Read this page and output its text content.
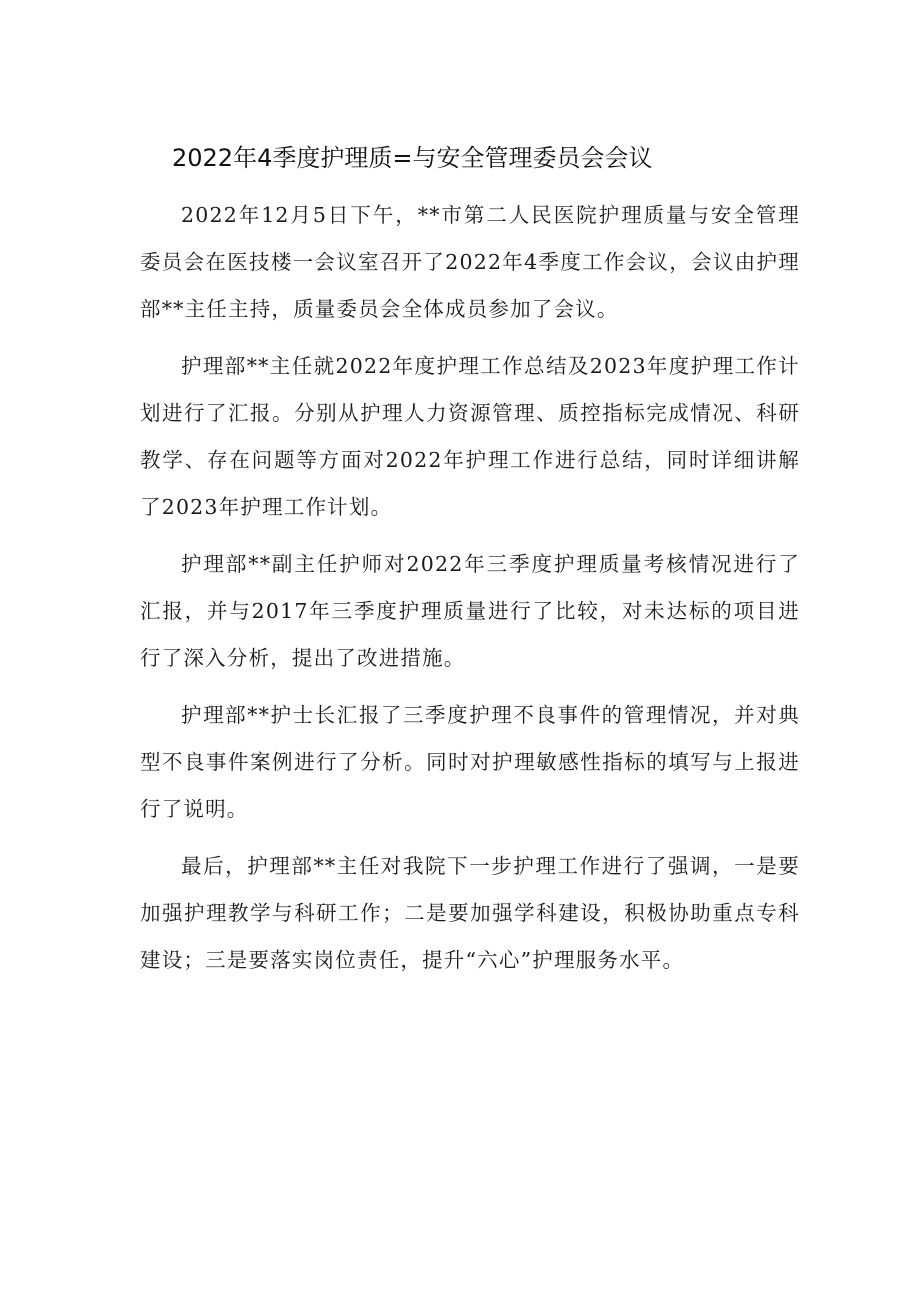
2022年4季度护理质=与安全管理委员会会议

2022年12月5日下午，**市第二人民医院护理质量与安全管理委员会在医技楼一会议室召开了2022年4季度工作会议，会议由护理部**主任主持，质量委员会全体成员参加了会议。

护理部**主任就2022年度护理工作总结及2023年度护理工作计划进行了汇报。分别从护理人力资源管理、质控指标完成情况、科研教学、存在问题等方面对2022年护理工作进行总结，同时详细讲解了2023年护理工作计划。

护理部**副主任护师对2022年三季度护理质量考核情况进行了汇报，并与2017年三季度护理质量进行了比较，对未达标的项目进行了深入分析，提出了改进措施。

护理部**护士长汇报了三季度护理不良事件的管理情况，并对典型不良事件案例进行了分析。同时对护理敏感性指标的填写与上报进行了说明。

最后，护理部**主任对我院下一步护理工作进行了强调，一是要加强护理教学与科研工作；二是要加强学科建设，积极协助重点专科建设；三是要落实岗位责任，提升“六心”护理服务水平。
